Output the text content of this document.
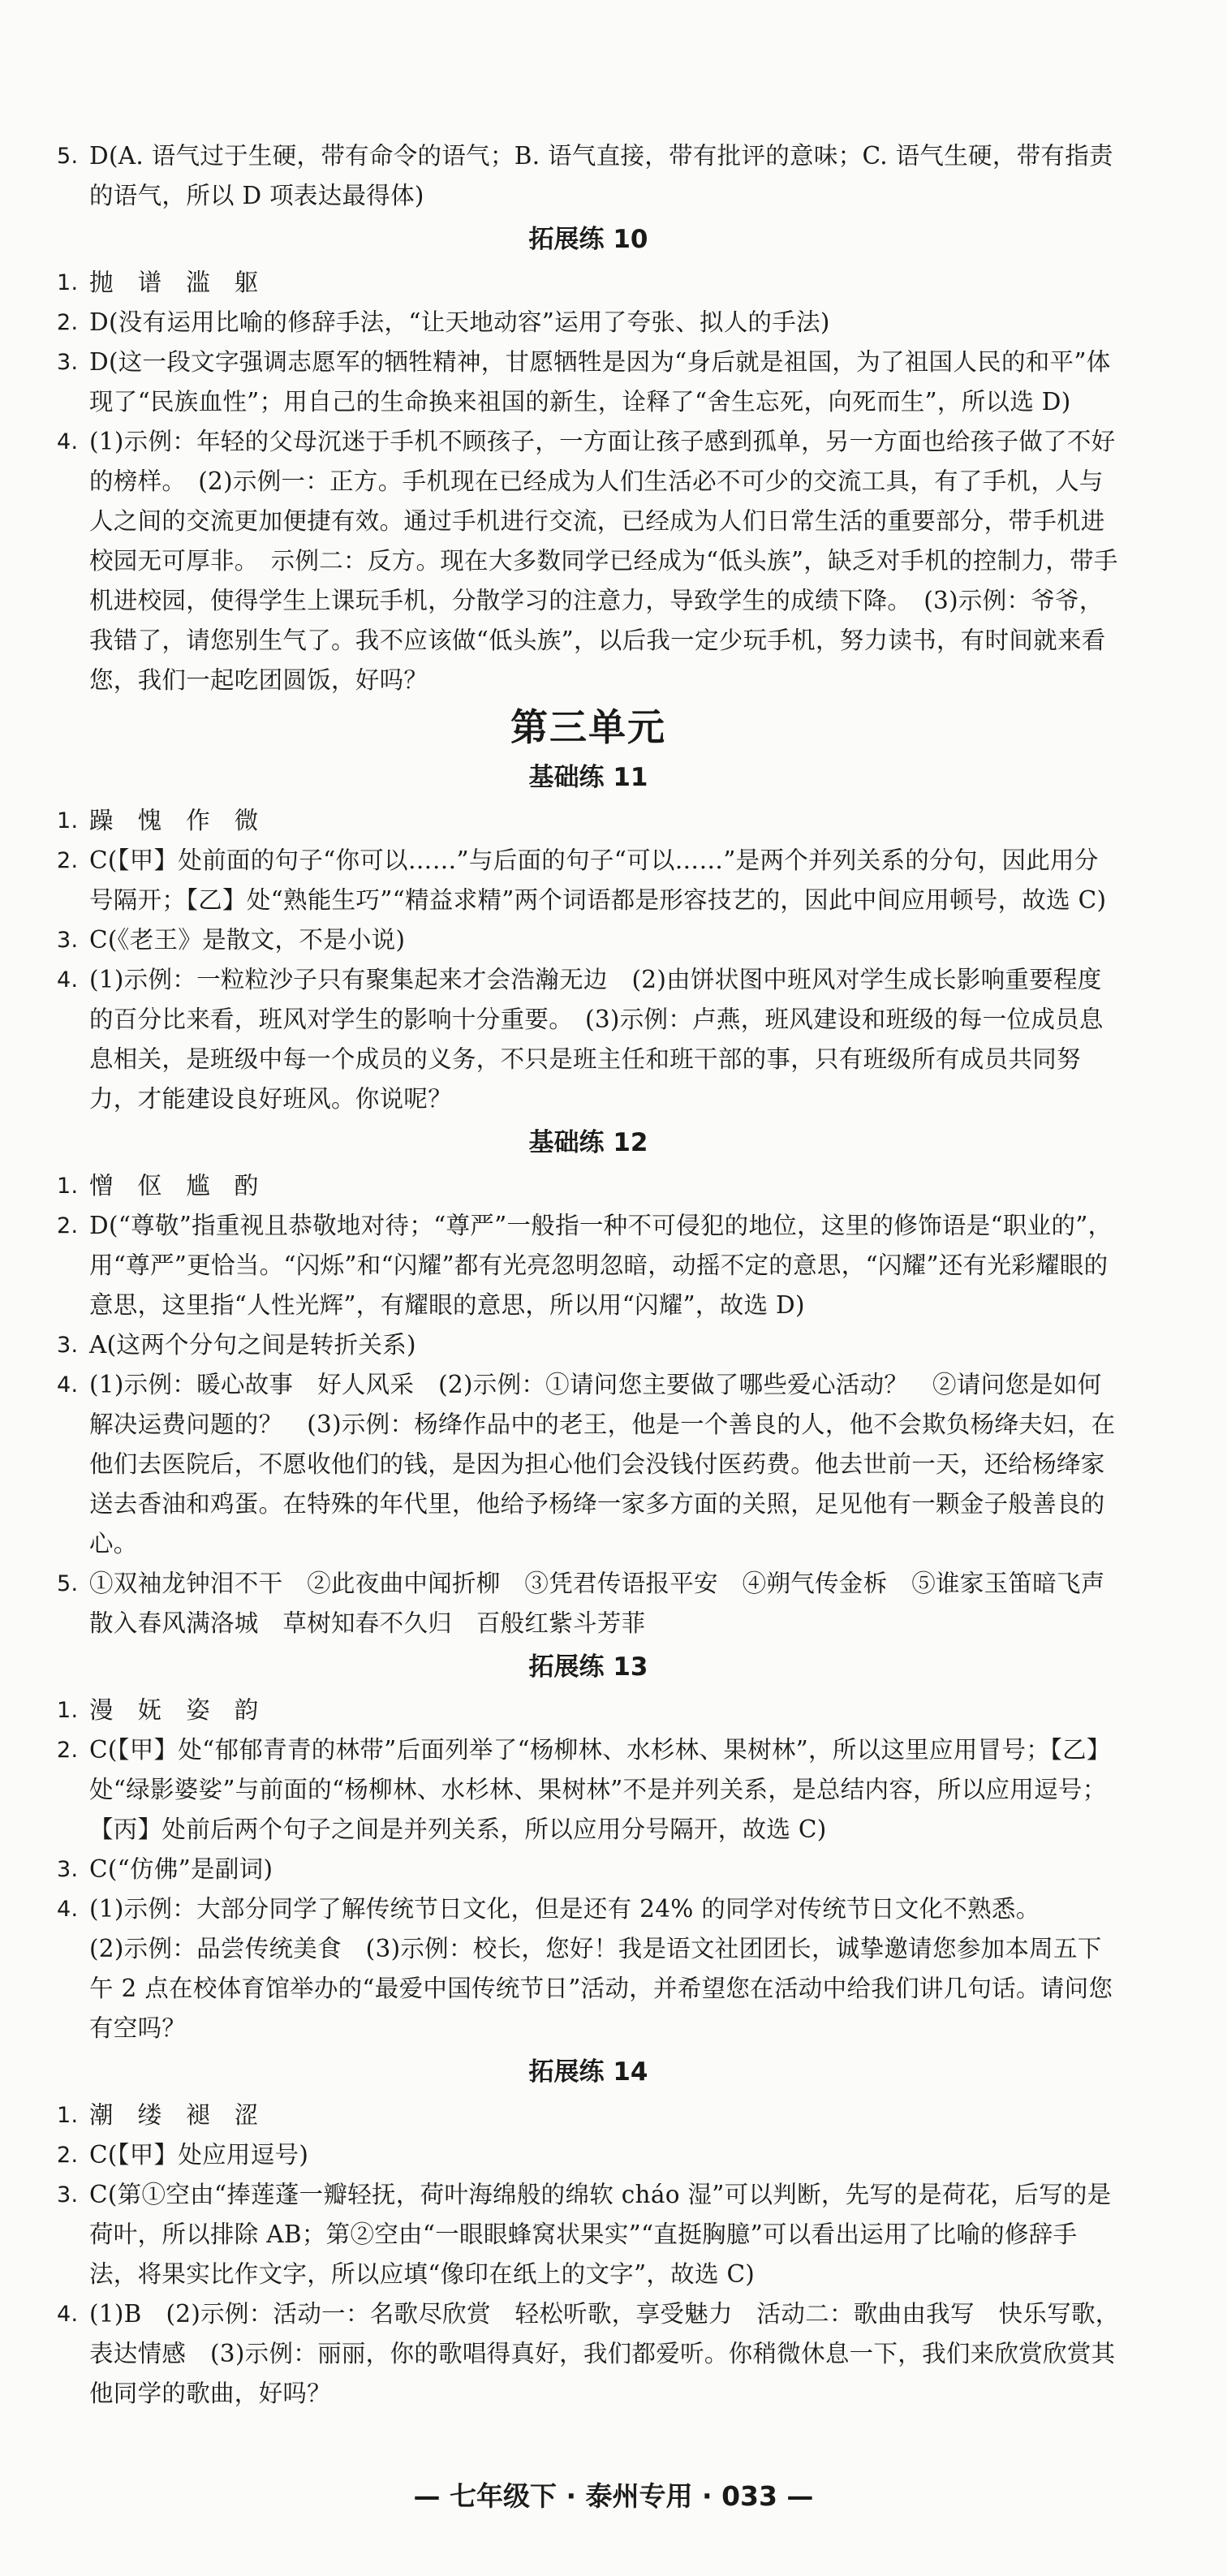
5. D(A. 语气过于生硬，带有命令的语气；B. 语气直接，带有批评的意味；C. 语气生硬，带有指责的语气，所以 D 项表达最得体)
拓展练 10
1. 抛　谱　滥　躯
2. D(没有运用比喻的修辞手法，“让天地动容”运用了夸张、拟人的手法)
3. D(这一段文字强调志愿军的牺牲精神，甘愿牺牲是因为“身后就是祖国，为了祖国人民的和平”体现了“民族血性”；用自己的生命换来祖国的新生，诠释了“舍生忘死，向死而生”，所以选 D)
4. (1)示例：年轻的父母沉迷于手机不顾孩子，一方面让孩子感到孤单，另一方面也给孩子做了不好的榜样。　(2)示例一：正方。手机现在已经成为人们生活必不可少的交流工具，有了手机，人与人之间的交流更加便捷有效。通过手机进行交流，已经成为人们日常生活的重要部分，带手机进校园无可厚非。　示例二：反方。现在大多数同学已经成为“低头族”，缺乏对手机的控制力，带手机进校园，使得学生上课玩手机，分散学习的注意力，导致学生的成绩下降。　(3)示例：爷爷，我错了，请您别生气了。我不应该做“低头族”，以后我一定少玩手机，努力读书，有时间就来看您，我们一起吃团圆饭，好吗？
第三单元
基础练 11
1. 躁　愧　作　微
2. C(【甲】处前面的句子“你可以……”与后面的句子“可以……”是两个并列关系的分句，因此用分号隔开；【乙】处“熟能生巧”“精益求精”两个词语都是形容技艺的，因此中间应用顿号，故选 C)
3. C(《老王》是散文，不是小说)
4. (1)示例：一粒粒沙子只有聚集起来才会浩瀚无边　(2)由饼状图中班风对学生成长影响重要程度的百分比来看，班风对学生的影响十分重要。　(3)示例：卢燕，班风建设和班级的每一位成员息息相关，是班级中每一个成员的义务，不只是班主任和班干部的事，只有班级所有成员共同努力，才能建设良好班风。你说呢？
基础练 12
1. 憎　伛　尴　酌
2. D(“尊敬”指重视且恭敬地对待；“尊严”一般指一种不可侵犯的地位，这里的修饰语是“职业的”，用“尊严”更恰当。“闪烁”和“闪耀”都有光亮忽明忽暗，动摇不定的意思，“闪耀”还有光彩耀眼的意思，这里指“人性光辉”，有耀眼的意思，所以用“闪耀”，故选 D)
3. A(这两个分句之间是转折关系)
4. (1)示例：暖心故事　好人风采　(2)示例：①请问您主要做了哪些爱心活动？　②请问您是如何解决运费问题的？　(3)示例：杨绛作品中的老王，他是一个善良的人，他不会欺负杨绛夫妇，在他们去医院后，不愿收他们的钱，是因为担心他们会没钱付医药费。他去世前一天，还给杨绛家送去香油和鸡蛋。在特殊的年代里，他给予杨绛一家多方面的关照，足见他有一颗金子般善良的心。
5. ①双袖龙钟泪不干　②此夜曲中闻折柳　③凭君传语报平安　④朔气传金柝　⑤谁家玉笛暗飞声　散入春风满洛城　草树知春不久归　百般红紫斗芳菲
拓展练 13
1. 漫　妩　姿　韵
2. C(【甲】处“郁郁青青的林带”后面列举了“杨柳林、水杉林、果树林”，所以这里应用冒号；【乙】处“绿影婆娑”与前面的“杨柳林、水杉林、果树林”不是并列关系，是总结内容，所以应用逗号；【丙】处前后两个句子之间是并列关系，所以应用分号隔开，故选 C)
3. C(“仿佛”是副词)
4. (1)示例：大部分同学了解传统节日文化，但是还有 24% 的同学对传统节日文化不熟悉。
(2)示例：品尝传统美食　(3)示例：校长，您好！我是语文社团团长，诚挚邀请您参加本周五下午 2 点在校体育馆举办的“最爱中国传统节日”活动，并希望您在活动中给我们讲几句话。请问您有空吗？
拓展练 14
1. 潮　缕　褪　涩
2. C(【甲】处应用逗号)
3. C(第①空由“捧莲蓬一瓣轻抚，荷叶海绵般的绵软 cháo 湿”可以判断，先写的是荷花，后写的是荷叶，所以排除 AB；第②空由“一眼眼蜂窝状果实”“直挺胸臆”可以看出运用了比喻的修辞手法，将果实比作文字，所以应填“像印在纸上的文字”，故选 C)
4. (1)B　(2)示例：活动一：名歌尽欣赏　轻松听歌，享受魅力　活动二：歌曲由我写　快乐写歌，表达情感　(3)示例：丽丽，你的歌唱得真好，我们都爱听。你稍微休息一下，我们来欣赏欣赏其他同学的歌曲，好吗？
— 七年级下 · 泰州专用 · 033 —
